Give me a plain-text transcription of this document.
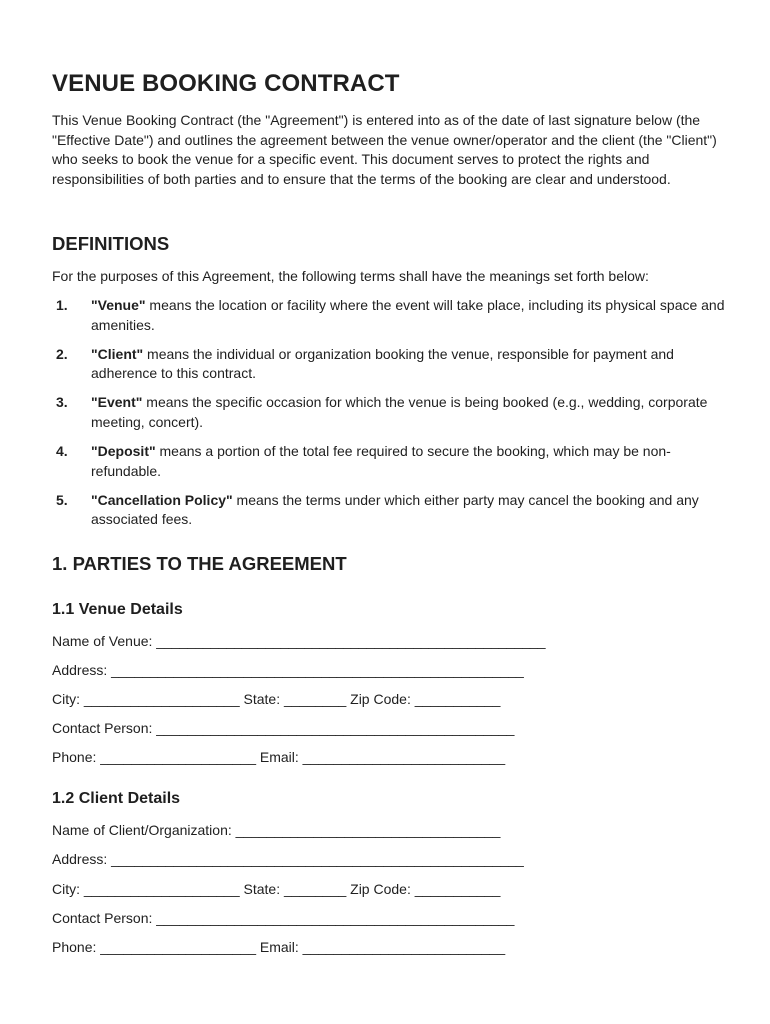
VENUE BOOKING CONTRACT

This Venue Booking Contract (the "Agreement") is entered into as of the date of last signature below (the "Effective Date") and outlines the agreement between the venue owner/operator and the client (the "Client") who seeks to book the venue for a specific event. This document serves to protect the rights and responsibilities of both parties and to ensure that the terms of the booking are clear and understood.

DEFINITIONS

For the purposes of this Agreement, the following terms shall have the meanings set forth below:

1. "Venue" means the location or facility where the event will take place, including its physical space and amenities.
2. "Client" means the individual or organization booking the venue, responsible for payment and adherence to this contract.
3. "Event" means the specific occasion for which the venue is being booked (e.g., wedding, corporate meeting, concert).
4. "Deposit" means a portion of the total fee required to secure the booking, which may be non-refundable.
5. "Cancellation Policy" means the terms under which either party may cancel the booking and any associated fees.
1. PARTIES TO THE AGREEMENT
1.1 Venue Details

Name of Venue: __________________________________________________

Address: _____________________________________________________

City: ____________________ State: ________ Zip Code: ___________

Contact Person: ______________________________________________

Phone: ____________________ Email: __________________________

1.2 Client Details

Name of Client/Organization: __________________________________

Address: _____________________________________________________

City: ____________________ State: ________ Zip Code: ___________

Contact Person: ______________________________________________

Phone: ____________________ Email: __________________________
